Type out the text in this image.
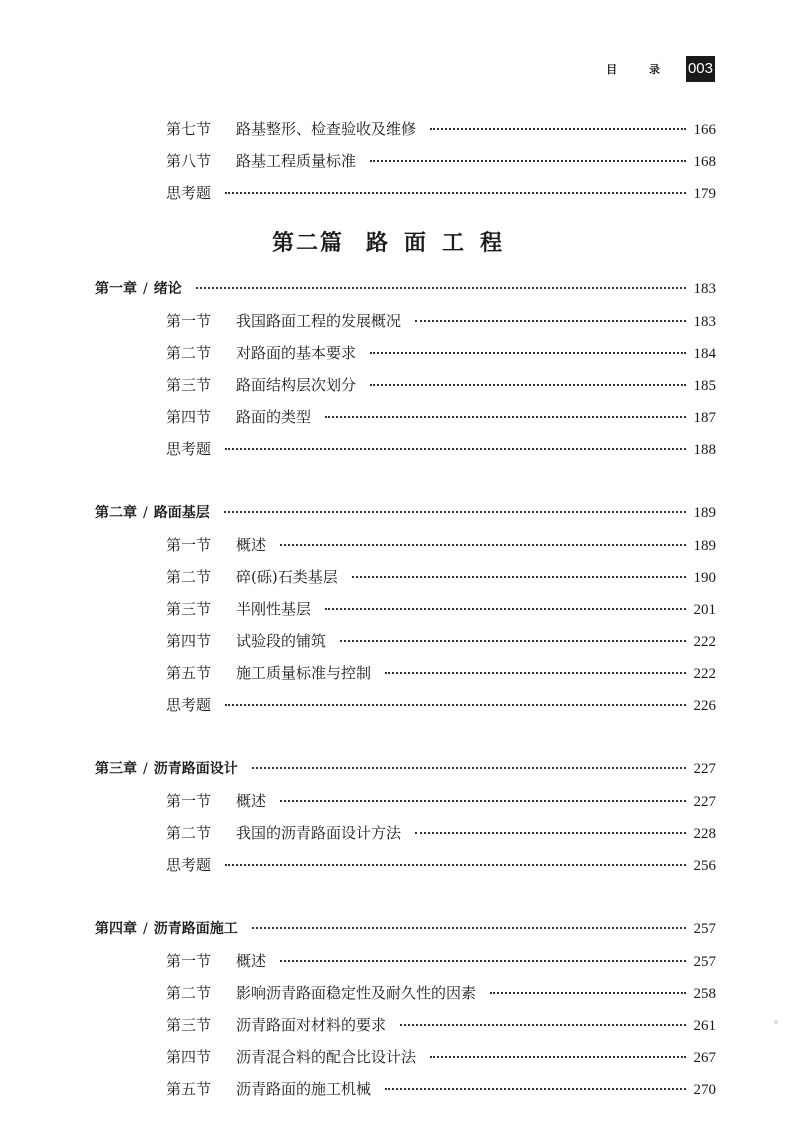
目 录 003
第二篇 路面工程
第七节 路基整形、检查验收及维修	166
第八节 路基工程质量标准	168
思考题	179
第一章 / 绪论	183
第一节 我国路面工程的发展概况	183
第二节 对路面的基本要求	184
第三节 路面结构层次划分	185
第四节 路面的类型	187
思考题	188
第二章 / 路面基层	189
第一节 概述	189
第二节 碎(砾)石类基层	190
第三节 半刚性基层	201
第四节 试验段的铺筑	222
第五节 施工质量标准与控制	222
思考题	226
第三章 / 沥青路面设计	227
第一节 概述	227
第二节 我国的沥青路面设计方法	228
思考题	256
第四章 / 沥青路面施工	257
第一节 概述	257
第二节 影响沥青路面稳定性及耐久性的因素	258
第三节 沥青路面对材料的要求	261
第四节 沥青混合料的配合比设计法	267
第五节 沥青路面的施工机械	270
